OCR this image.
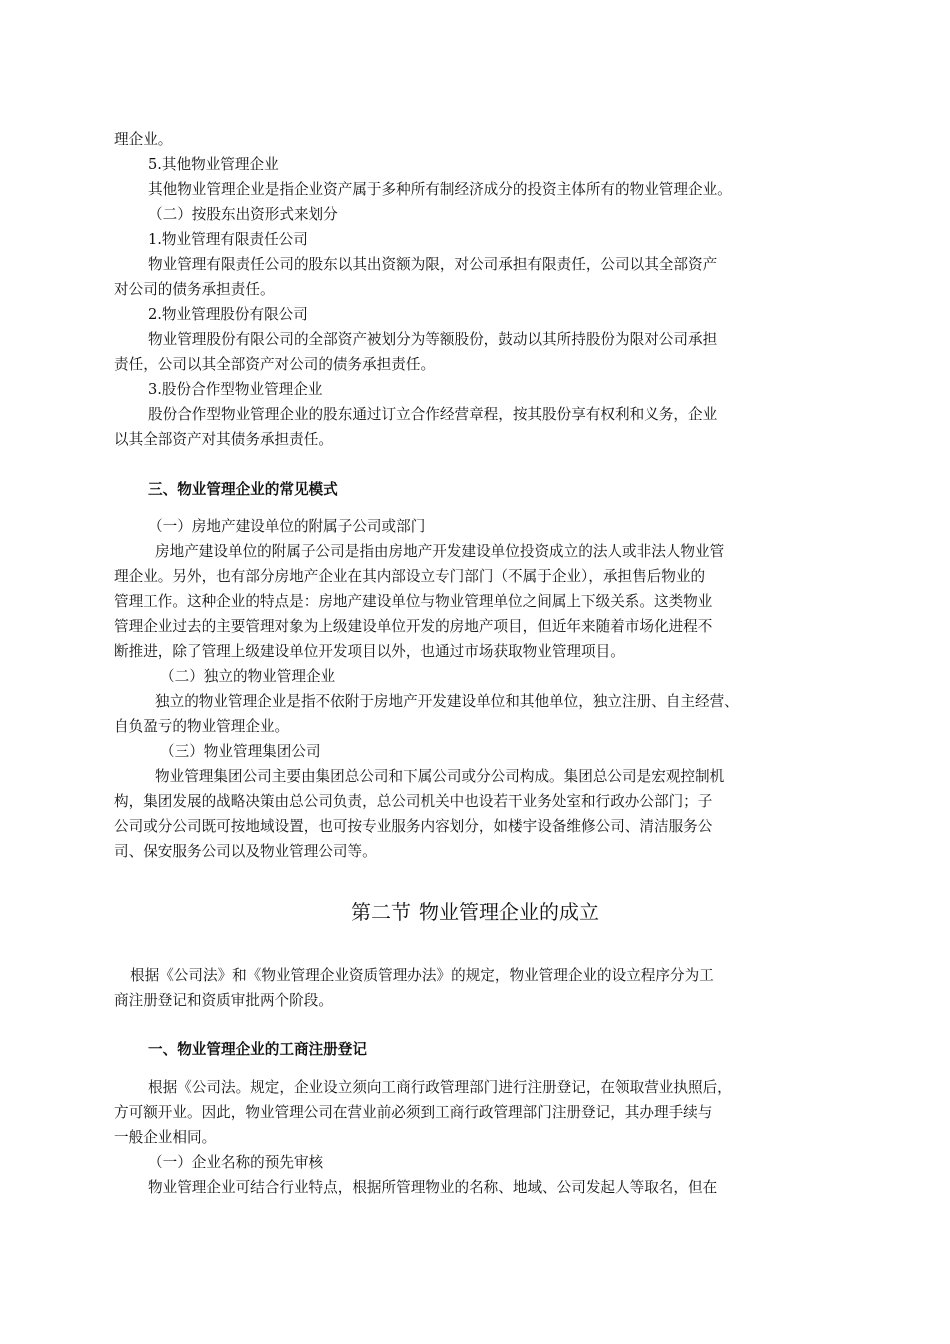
理企业。
5.其他物业管理企业
其他物业管理企业是指企业资产属于多种所有制经济成分的投资主体所有的物业管理企业。
（二）按股东出资形式来划分
1.物业管理有限责任公司
物业管理有限责任公司的股东以其出资额为限，对公司承担有限责任，公司以其全部资产
对公司的债务承担责任。
2.物业管理股份有限公司
物业管理股份有限公司的全部资产被划分为等额股份，鼓动以其所持股份为限对公司承担
责任，公司以其全部资产对公司的债务承担责任。
3.股份合作型物业管理企业
股份合作型物业管理企业的股东通过订立合作经营章程，按其股份享有权利和义务，企业
以其全部资产对其债务承担责任。
三、物业管理企业的常见模式
（一）房地产建设单位的附属子公司或部门
房地产建设单位的附属子公司是指由房地产开发建设单位投资成立的法人或非法人物业管
理企业。另外，也有部分房地产企业在其内部设立专门部门（不属于企业），承担售后物业的
管理工作。这种企业的特点是：房地产建设单位与物业管理单位之间属上下级关系。这类物业
管理企业过去的主要管理对象为上级建设单位开发的房地产项目，但近年来随着市场化进程不
断推进，除了管理上级建设单位开发项目以外，也通过市场获取物业管理项目。
（二）独立的物业管理企业
独立的物业管理企业是指不依附于房地产开发建设单位和其他单位，独立注册、自主经营、
自负盈亏的物业管理企业。
（三）物业管理集团公司
物业管理集团公司主要由集团总公司和下属公司或分公司构成。集团总公司是宏观控制机
构，集团发展的战略决策由总公司负责，总公司机关中也设若干业务处室和行政办公部门；子
公司或分公司既可按地域设置，也可按专业服务内容划分，如楼宇设备维修公司、清洁服务公
司、保安服务公司以及物业管理公司等。
第二节 物业管理企业的成立
根据《公司法》和《物业管理企业资质管理办法》的规定，物业管理企业的设立程序分为工
商注册登记和资质审批两个阶段。
一、物业管理企业的工商注册登记
根据《公司法。规定，企业设立须向工商行政管理部门进行注册登记，在领取营业执照后，
方可额开业。因此，物业管理公司在营业前必须到工商行政管理部门注册登记，其办理手续与
一般企业相同。
（一）企业名称的预先审核
物业管理企业可结合行业特点，根据所管理物业的名称、地域、公司发起人等取名，但在
